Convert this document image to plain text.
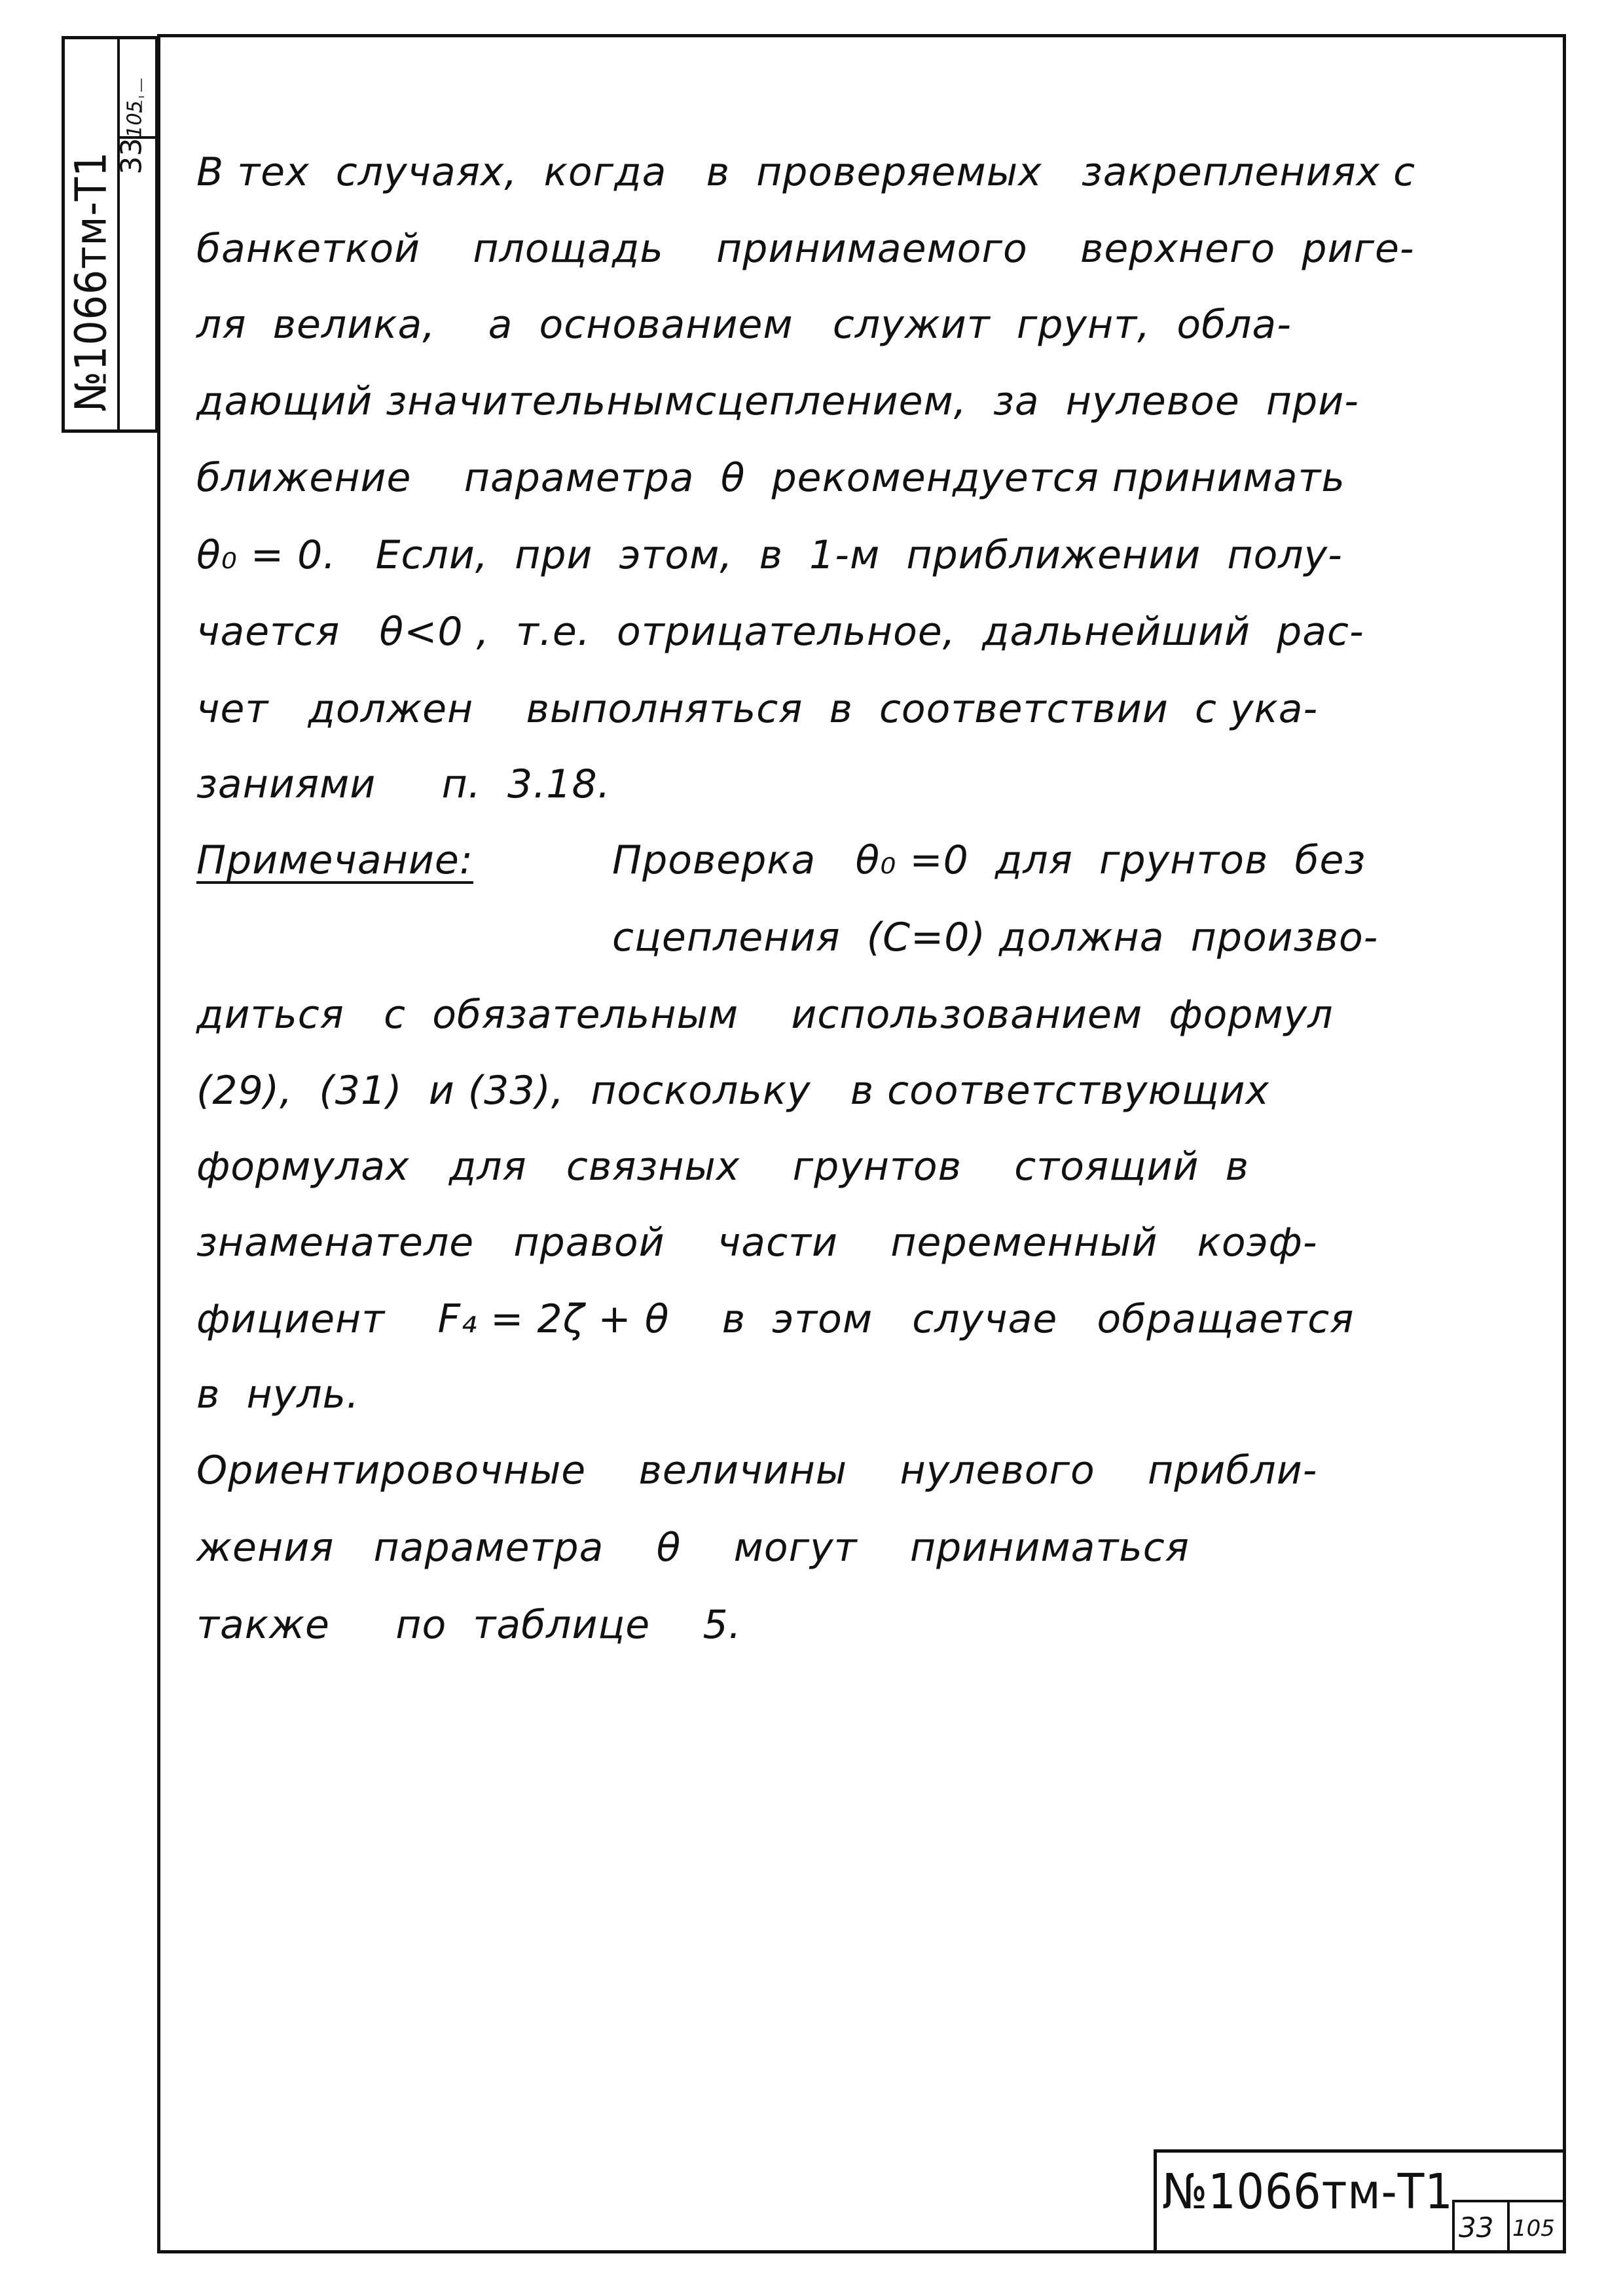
№1066тм-Т1
33105
В тех  случаях,  когда   в  проверяемых   закреплениях с
банкеткой    площадь    принимаемого    верхнего  риге-
ля  велика,    а  основанием   служит  грунт,  обла-
дающий значительнымсцеплением,  за  нулевое  при-
ближение    параметра  θ  рекомендуется принимать
θ₀ = 0.   Если,  при  этом,  в  1-м  приближении  полу-
чается   θ<0 ,  т.е.  отрицательное,  дальнейший  рас-
чет   должен    выполняться  в  соответствии  с ука-
заниями     п.  3.18.
Примечание:	Проверка   θ₀ =0  для  грунтов  без
сцепления  (С=0) должна  произво-
диться   с  обязательным    использованием  формул
(29),  (31)  и (33),  поскольку   в соответствующих
формулах   для   связных    грунтов    стоящий  в
знаменателе   правой    части    переменный   коэф-
фициент    F₄ = 2ζ + θ    в  этом   случае   обращается
в  нуль.
Ориентировочные    величины    нулевого    прибли-
жения   параметра    θ    могут    приниматься
также     по  таблице    5.
№1066тм-Т1
33 105
